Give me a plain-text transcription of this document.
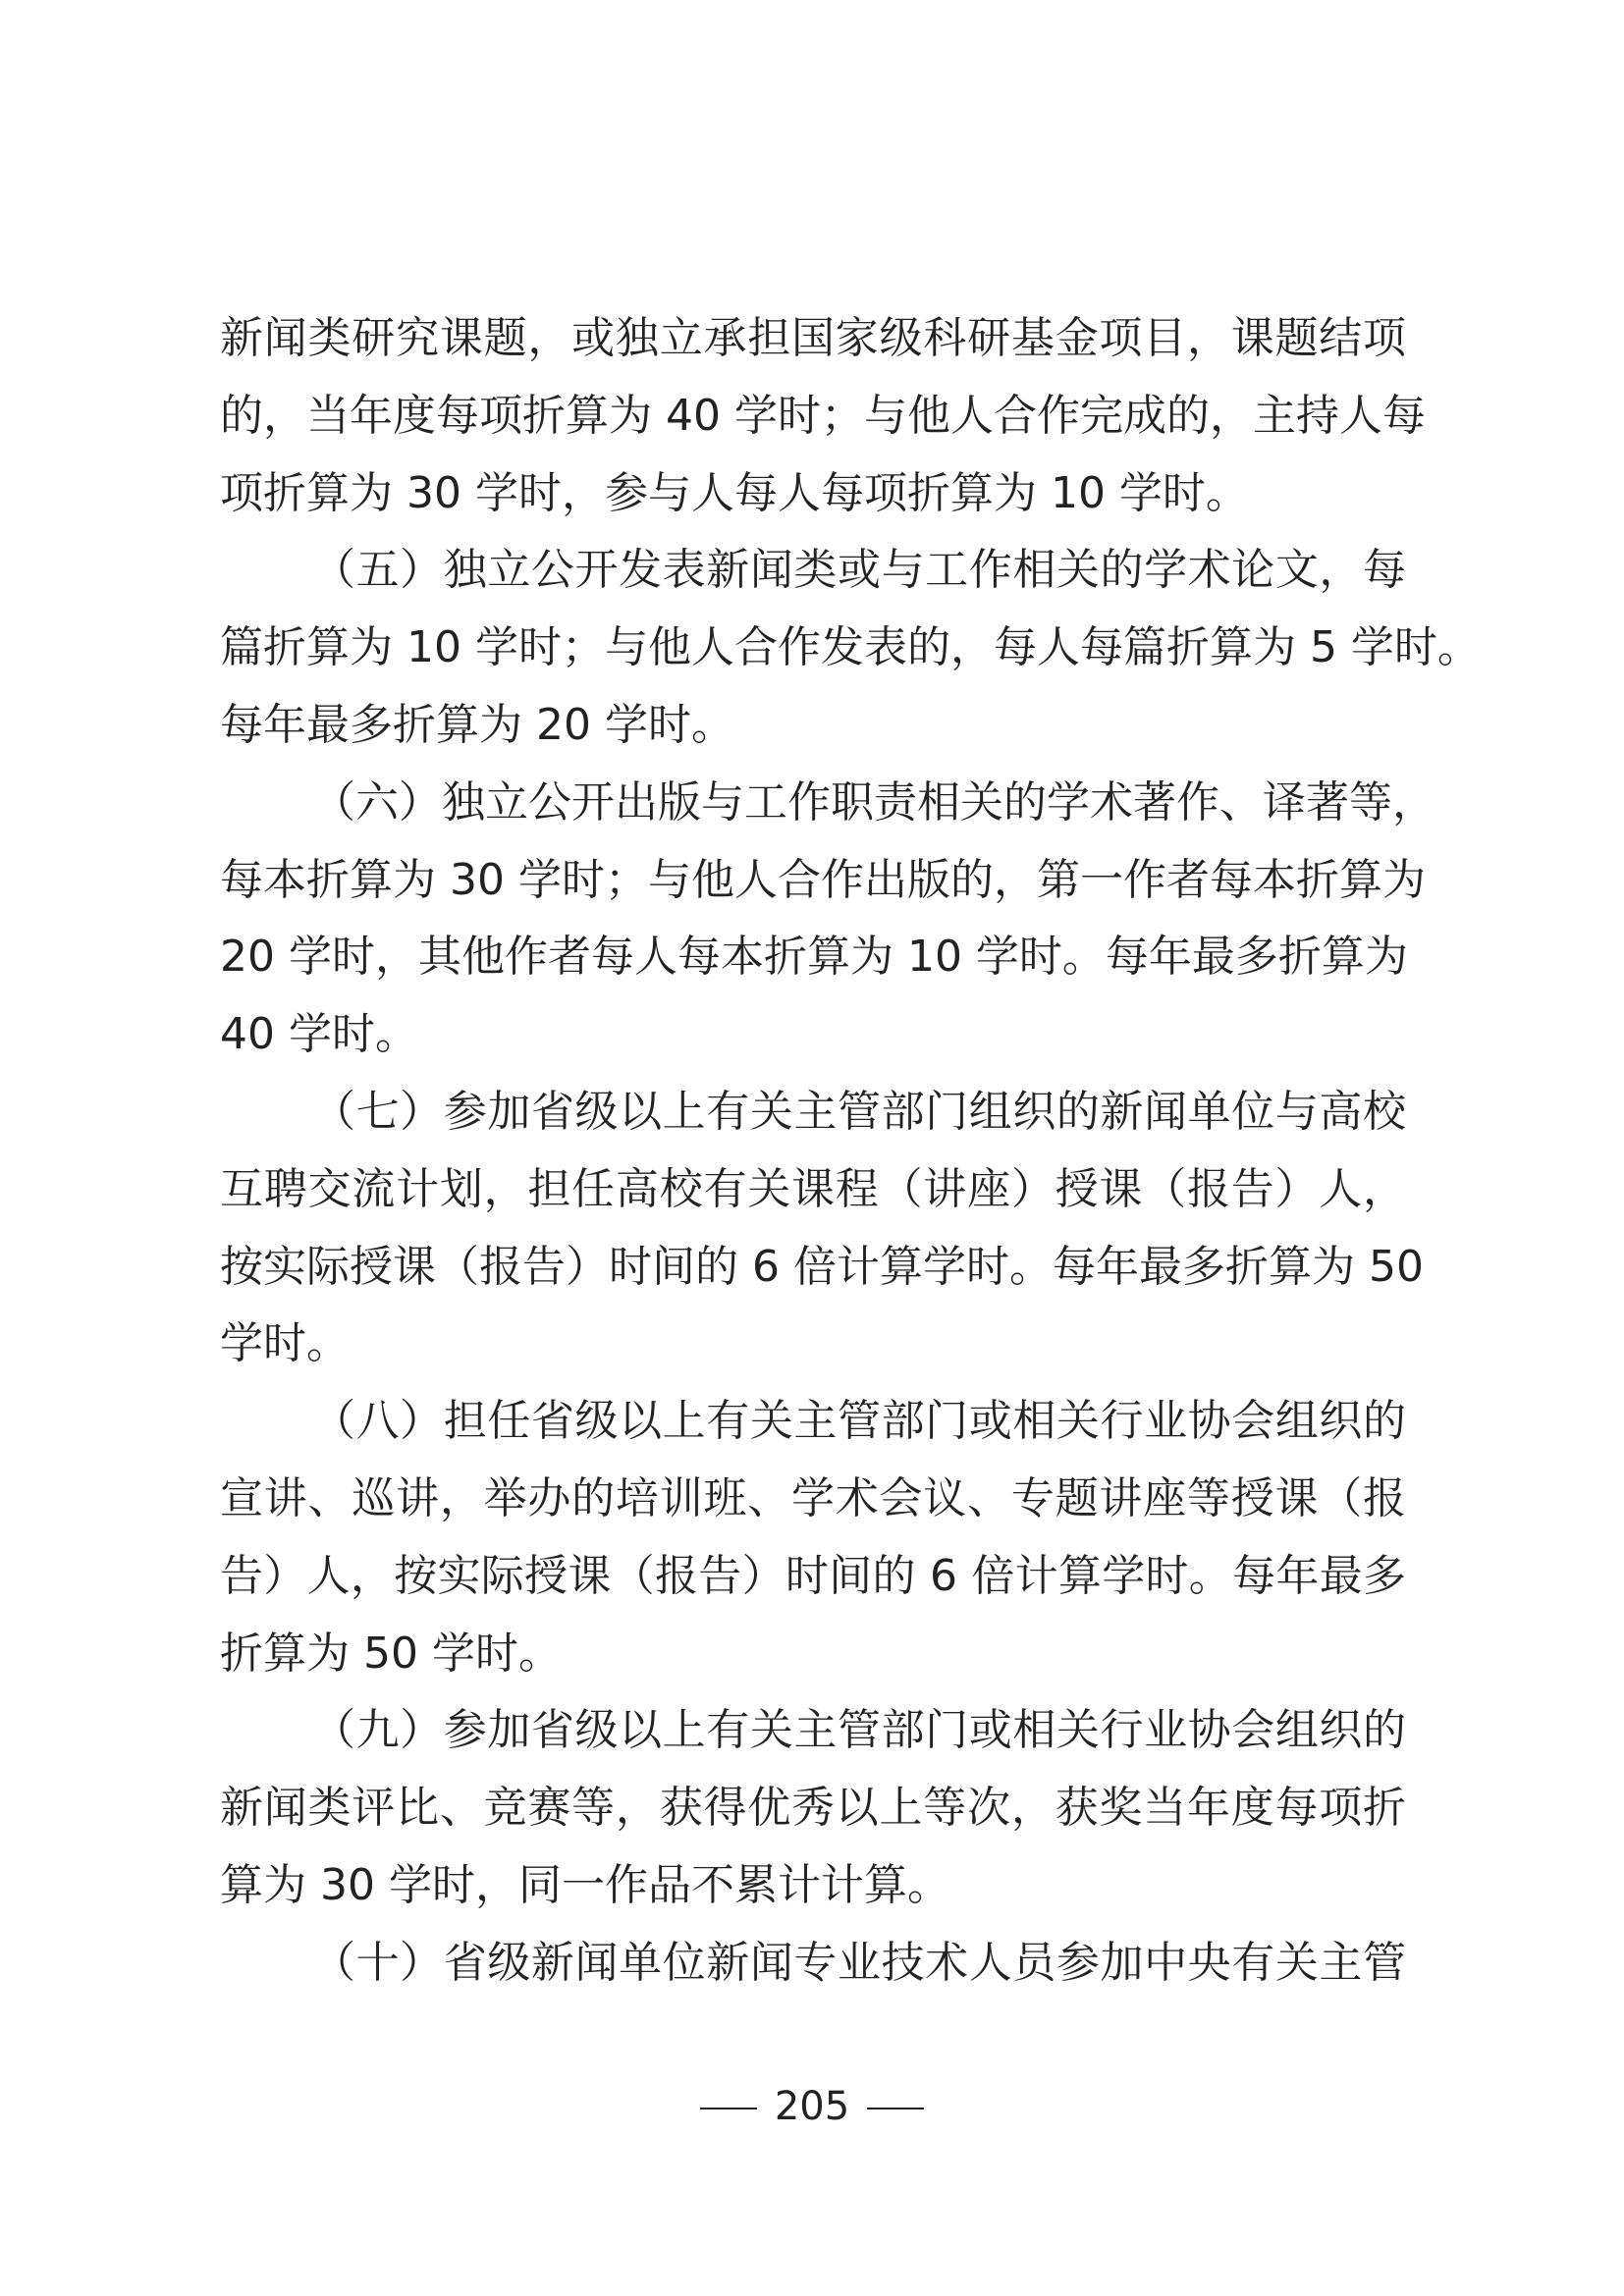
新闻类研究课题，或独立承担国家级科研基金项目，课题结项
的，当年度每项折算为 40 学时；与他人合作完成的，主持人每
项折算为 30 学时，参与人每人每项折算为 10 学时。
（五）独立公开发表新闻类或与工作相关的学术论文，每
篇折算为 10 学时；与他人合作发表的，每人每篇折算为 5 学时。
每年最多折算为 20 学时。
（六）独立公开出版与工作职责相关的学术著作、译著等，
每本折算为 30 学时；与他人合作出版的，第一作者每本折算为
20 学时，其他作者每人每本折算为 10 学时。每年最多折算为
40 学时。
（七）参加省级以上有关主管部门组织的新闻单位与高校
互聘交流计划，担任高校有关课程（讲座）授课（报告）人，
按实际授课（报告）时间的 6 倍计算学时。每年最多折算为 50
学时。
（八）担任省级以上有关主管部门或相关行业协会组织的
宣讲、巡讲，举办的培训班、学术会议、专题讲座等授课（报
告）人，按实际授课（报告）时间的 6 倍计算学时。每年最多
折算为 50 学时。
（九）参加省级以上有关主管部门或相关行业协会组织的
新闻类评比、竞赛等，获得优秀以上等次，获奖当年度每项折
算为 30 学时，同一作品不累计计算。
（十）省级新闻单位新闻专业技术人员参加中央有关主管
205
